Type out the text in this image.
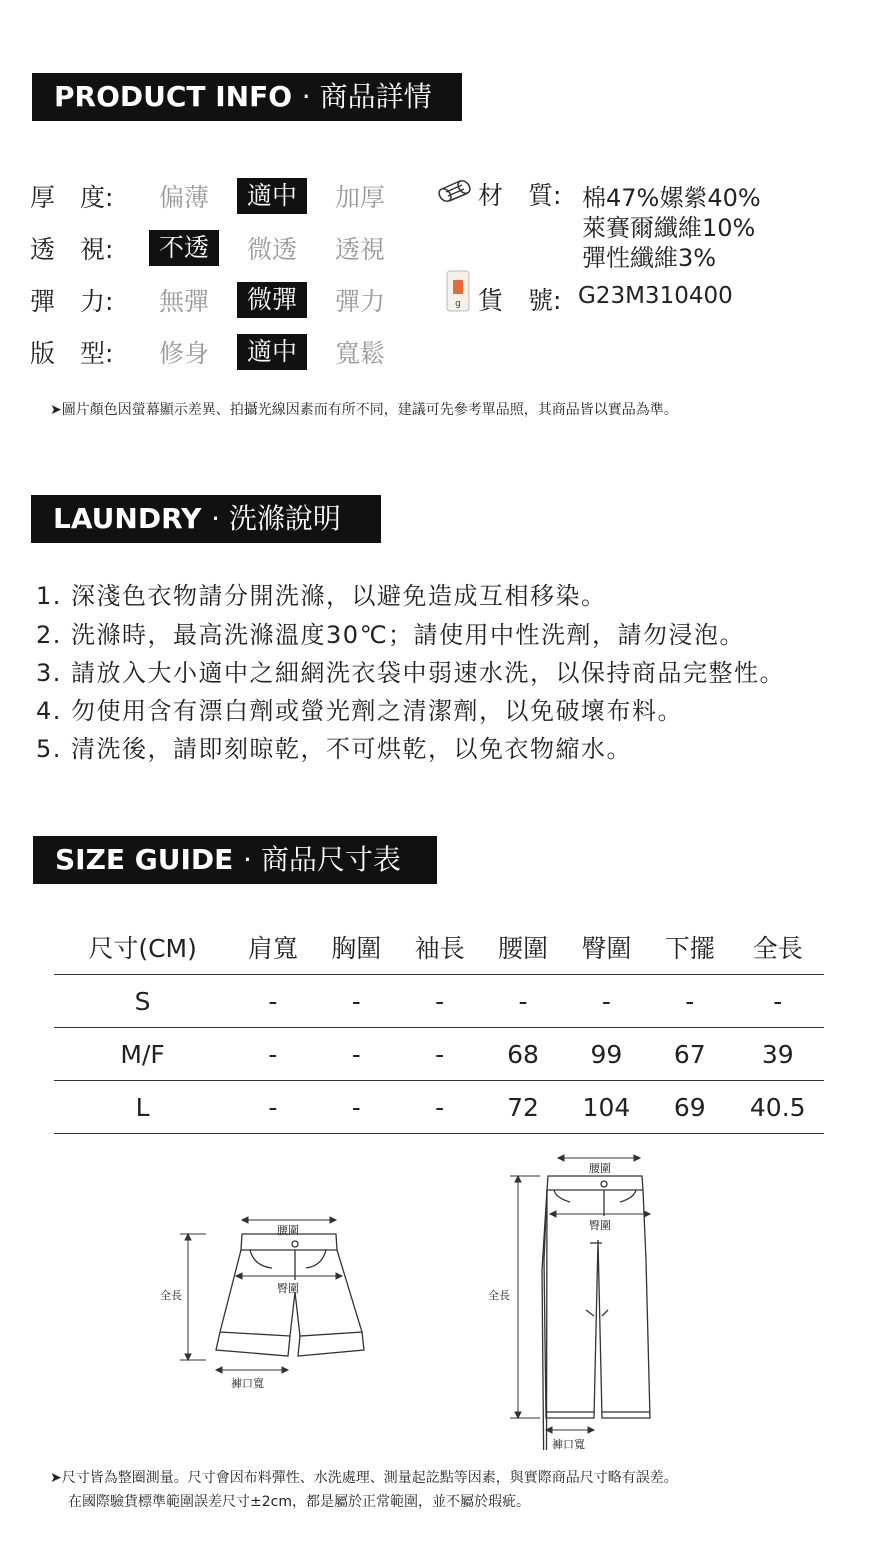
PRODUCT INFO · 商品詳情
厚　度:	偏薄	適中	加厚
透　視:	不透	微透	透視
彈　力:	無彈	微彈	彈力
版　型:	修身	適中	寬鬆
材　質: 棉47%嫘縈40%
萊賽爾纖維10%
彈性纖維3%
g 貨　號: G23M310400
➤圖片顏色因螢幕顯示差異、拍攝光線因素而有所不同，建議可先參考單品照，其商品皆以實品為準。
LAUNDRY · 洗滌說明
1. 深淺色衣物請分開洗滌，以避免造成互相移染。
2. 洗滌時，最高洗滌溫度30℃；請使用中性洗劑，請勿浸泡。
3. 請放入大小適中之細網洗衣袋中弱速水洗，以保持商品完整性。
4. 勿使用含有漂白劑或螢光劑之清潔劑，以免破壞布料。
5. 清洗後，請即刻晾乾，不可烘乾，以免衣物縮水。
SIZE GUIDE · 商品尺寸表
尺寸(CM)	肩寬	胸圍	袖長	腰圍	臀圍	下擺	全長
S	-	-	-	-	-	-	-
M/F	-	-	-	68	99	67	39
L	-	-	-	72	104	69	40.5
腰圍
臀圍
全長
褲口寬
腰圍
臀圍
全長
褲口寬
➤尺寸皆為整圈測量。尺寸會因布料彈性、水洗處理、測量起訖點等因素，與實際商品尺寸略有誤差。
在國際驗貨標準範圍誤差尺寸±2cm，都是屬於正常範圍，並不屬於瑕疵。
